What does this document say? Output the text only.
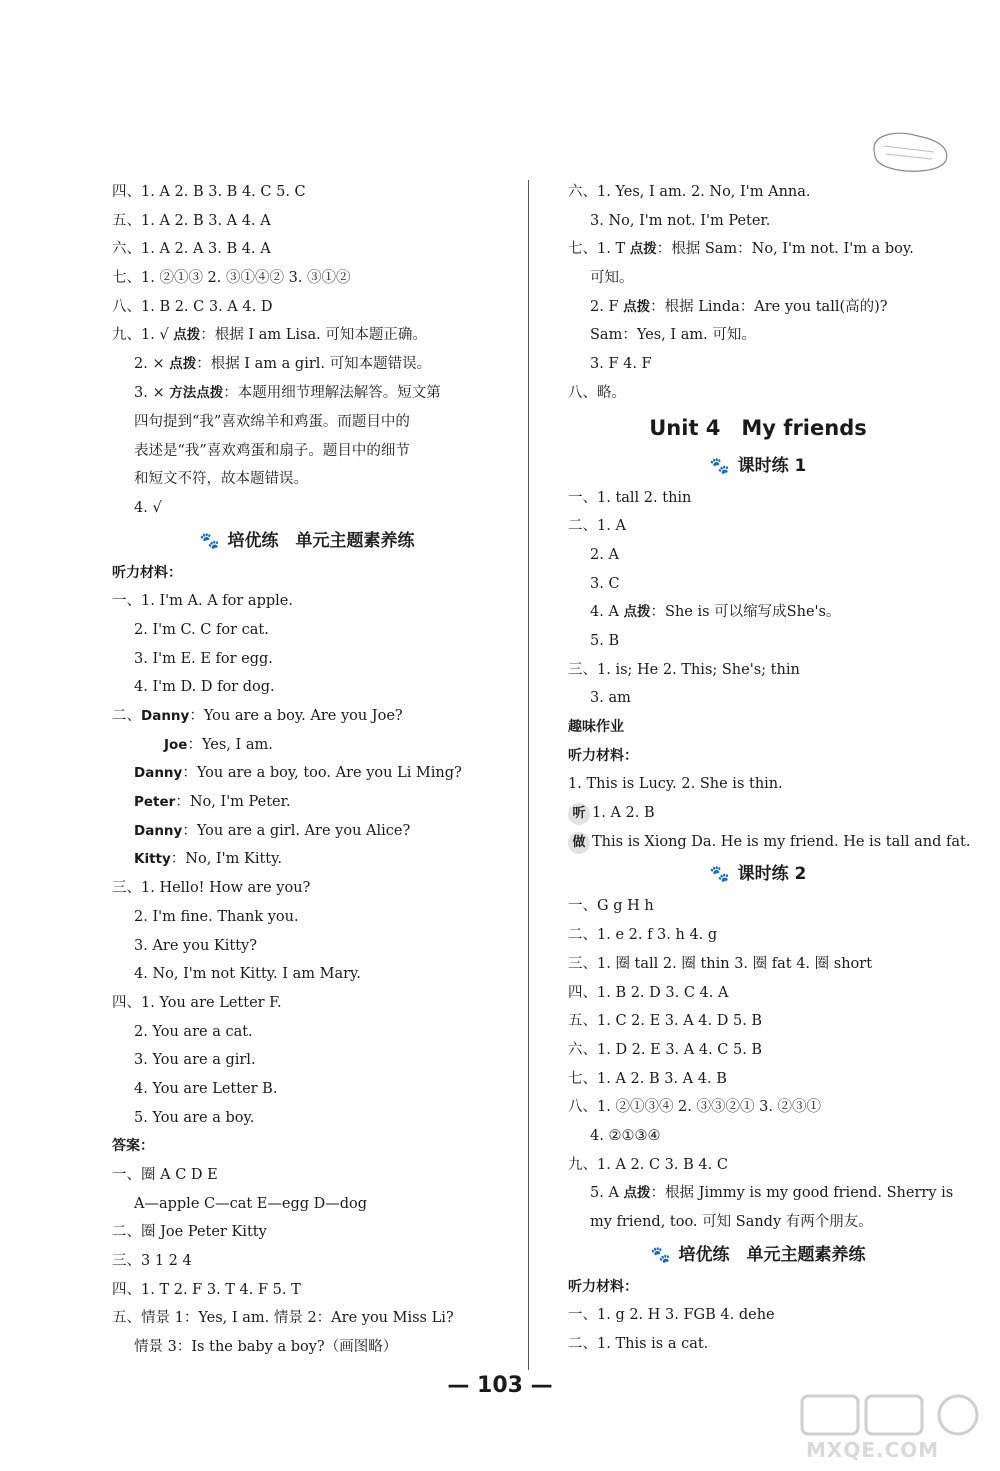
四、1. A 2. B 3. B 4. C 5. C
五、1. A 2. B 3. A 4. A
六、1. A 2. A 3. B 4. A
七、1. ②①③ 2. ③①④② 3. ③①②
八、1. B 2. C 3. A 4. D
九、1. √ 点拨：根据 I am Lisa. 可知本题正确。
2. × 点拨：根据 I am a girl. 可知本题错误。
3. × 方法点拨：本题用细节理解法解答。短文第
四句提到“我”喜欢绵羊和鸡蛋。而题目中的
表述是“我”喜欢鸡蛋和扇子。题目中的细节
和短文不符，故本题错误。
4. √
🐾 培优练　单元主题素养练
听力材料：
一、1. I'm A. A for apple.
2. I'm C. C for cat.
3. I'm E. E for egg.
4. I'm D. D for dog.
二、Danny：You are a boy. Are you Joe?
Joe：Yes, I am.
Danny：You are a boy, too. Are you Li Ming?
Peter：No, I'm Peter.
Danny：You are a girl. Are you Alice?
Kitty：No, I'm Kitty.
三、1. Hello! How are you?
2. I'm fine. Thank you.
3. Are you Kitty?
4. No, I'm not Kitty. I am Mary.
四、1. You are Letter F.
2. You are a cat.
3. You are a girl.
4. You are Letter B.
5. You are a boy.
答案：
一、圈 A C D E
A—apple C—cat E—egg D—dog
二、圈 Joe Peter Kitty
三、3 1 2 4
四、1. T 2. F 3. T 4. F 5. T
五、情景 1：Yes, I am. 情景 2：Are you Miss Li?
情景 3：Is the baby a boy?（画图略）
六、1. Yes, I am. 2. No, I'm Anna.
3. No, I'm not. I'm Peter.
七、1. T 点拨：根据 Sam：No, I'm not. I'm a boy.
可知。
2. F 点拨：根据 Linda：Are you tall(高的)?
Sam：Yes, I am. 可知。
3. F 4. F
八、略。
Unit 4　My friends
🐾 课时练 1
一、1. tall 2. thin
二、1. A
2. A
3. C
4. A 点拨：She is 可以缩写成She's。
5. B
三、1. is; He 2. This; She's; thin
3. am
趣味作业
听力材料：
1. This is Lucy. 2. She is thin.
听 1. A 2. B
做 This is Xiong Da. He is my friend. He is tall and fat.
🐾 课时练 2
一、G g H h
二、1. e 2. f 3. h 4. g
三、1. 圈 tall 2. 圈 thin 3. 圈 fat 4. 圈 short
四、1. B 2. D 3. C 4. A
五、1. C 2. E 3. A 4. D 5. B
六、1. D 2. E 3. A 4. C 5. B
七、1. A 2. B 3. A 4. B
八、1. ②①③④ 2. ③③②① 3. ②③①
4. ②①③④
九、1. A 2. C 3. B 4. C
5. A 点拨：根据 Jimmy is my good friend. Sherry is
my friend, too. 可知 Sandy 有两个朋友。
🐾 培优练　单元主题素养练
听力材料：
一、1. g 2. H 3. FGB 4. dehe
二、1. This is a cat.
— 103 —
MXQE.COM
